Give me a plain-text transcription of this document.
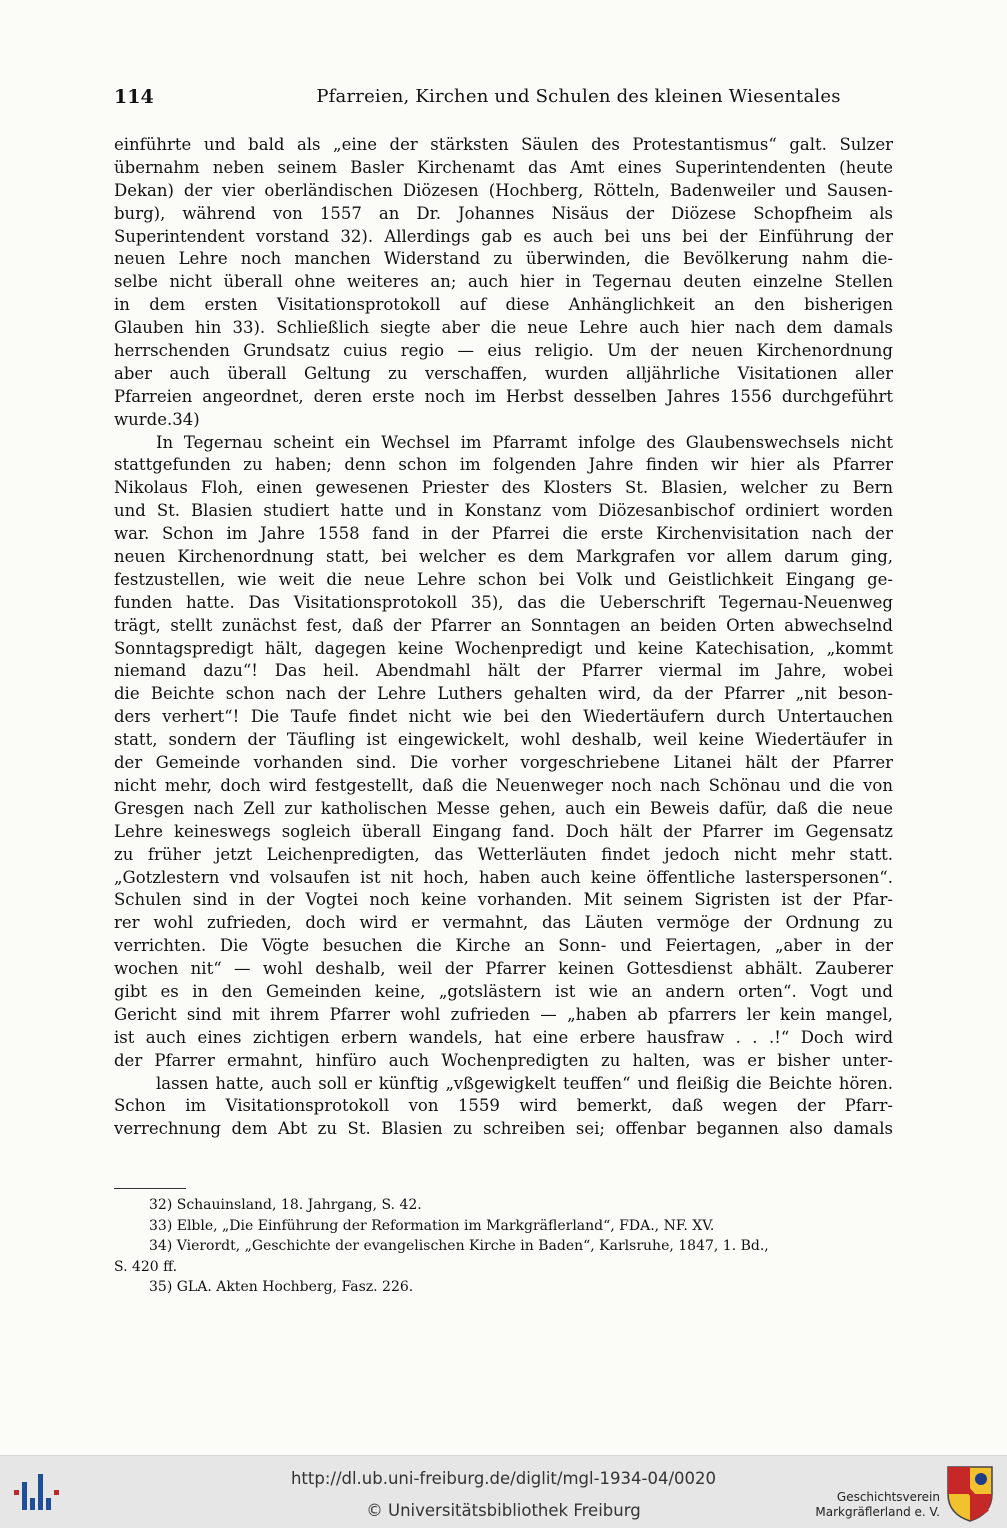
114	Pfarreien, Kirchen und Schulen des kleinen Wiesentales
einführte und bald als „eine der stärksten Säulen des Protestantismus“ galt. Sulzer
übernahm neben seinem Basler Kirchenamt das Amt eines Superintendenten (heute
Dekan) der vier oberländischen Diözesen (Hochberg, Rötteln, Badenweiler und Sausen-
burg), während von 1557 an Dr. Johannes Nisäus der Diözese Schopfheim als
Superintendent vorstand 32). Allerdings gab es auch bei uns bei der Einführung der
neuen Lehre noch manchen Widerstand zu überwinden, die Bevölkerung nahm die-
selbe nicht überall ohne weiteres an; auch hier in Tegernau deuten einzelne Stellen
in dem ersten Visitationsprotokoll auf diese Anhänglichkeit an den bisherigen
Glauben hin 33). Schließlich siegte aber die neue Lehre auch hier nach dem damals
herrschenden Grundsatz cuius regio — eius religio. Um der neuen Kirchenordnung
aber auch überall Geltung zu verschaffen, wurden alljährliche Visitationen aller
Pfarreien angeordnet, deren erste noch im Herbst desselben Jahres 1556 durchgeführt
wurde.34)
In Tegernau scheint ein Wechsel im Pfarramt infolge des Glaubenswechsels nicht
stattgefunden zu haben; denn schon im folgenden Jahre finden wir hier als Pfarrer
Nikolaus Floh, einen gewesenen Priester des Klosters St. Blasien, welcher zu Bern
und St. Blasien studiert hatte und in Konstanz vom Diözesanbischof ordiniert worden
war. Schon im Jahre 1558 fand in der Pfarrei die erste Kirchenvisitation nach der
neuen Kirchenordnung statt, bei welcher es dem Markgrafen vor allem darum ging,
festzustellen, wie weit die neue Lehre schon bei Volk und Geistlichkeit Eingang ge-
funden hatte. Das Visitationsprotokoll 35), das die Ueberschrift Tegernau-Neuenweg
trägt, stellt zunächst fest, daß der Pfarrer an Sonntagen an beiden Orten abwechselnd
Sonntagspredigt hält, dagegen keine Wochenpredigt und keine Katechisation, „kommt
niemand dazu“! Das heil. Abendmahl hält der Pfarrer viermal im Jahre, wobei
die Beichte schon nach der Lehre Luthers gehalten wird, da der Pfarrer „nit beson-
ders verhert“! Die Taufe findet nicht wie bei den Wiedertäufern durch Untertauchen
statt, sondern der Täufling ist eingewickelt, wohl deshalb, weil keine Wiedertäufer in
der Gemeinde vorhanden sind. Die vorher vorgeschriebene Litanei hält der Pfarrer
nicht mehr, doch wird festgestellt, daß die Neuenweger noch nach Schönau und die von
Gresgen nach Zell zur katholischen Messe gehen, auch ein Beweis dafür, daß die neue
Lehre keineswegs sogleich überall Eingang fand. Doch hält der Pfarrer im Gegensatz
zu früher jetzt Leichenpredigten, das Wetterläuten findet jedoch nicht mehr statt.
„Gotzlestern vnd volsaufen ist nit hoch, haben auch keine öffentliche lasterspersonen“.
Schulen sind in der Vogtei noch keine vorhanden. Mit seinem Sigristen ist der Pfar-
rer wohl zufrieden, doch wird er vermahnt, das Läuten vermöge der Ordnung zu
verrichten. Die Vögte besuchen die Kirche an Sonn- und Feiertagen, „aber in der
wochen nit“ — wohl deshalb, weil der Pfarrer keinen Gottesdienst abhält. Zauberer
gibt es in den Gemeinden keine, „gotslästern ist wie an andern orten“. Vogt und
Gericht sind mit ihrem Pfarrer wohl zufrieden — „haben ab pfarrers ler kein mangel,
ist auch eines zichtigen erbern wandels, hat eine erbere hausfraw . . .!“ Doch wird
der Pfarrer ermahnt, hinfüro auch Wochenpredigten zu halten, was er bisher unter-
lassen hatte, auch soll er künftig „vßgewigkelt teuffen“ und fleißig die Beichte hören.
Schon im Visitationsprotokoll von 1559 wird bemerkt, daß wegen der Pfarr-
verrechnung dem Abt zu St. Blasien zu schreiben sei; offenbar begannen also damals
32) Schauinsland, 18. Jahrgang, S. 42.
33) Elble, „Die Einführung der Reformation im Markgräflerland“, FDA., NF. XV.
34) Vierordt, „Geschichte der evangelischen Kirche in Baden“, Karlsruhe, 1847, 1. Bd.,
S. 420 ff.
35) GLA. Akten Hochberg, Fasz. 226.
http://dl.ub.uni-freiburg.de/diglit/mgl-1934-04/0020
© Universitätsbibliothek Freiburg
Geschichtsverein
Markgräflerland e. V.
